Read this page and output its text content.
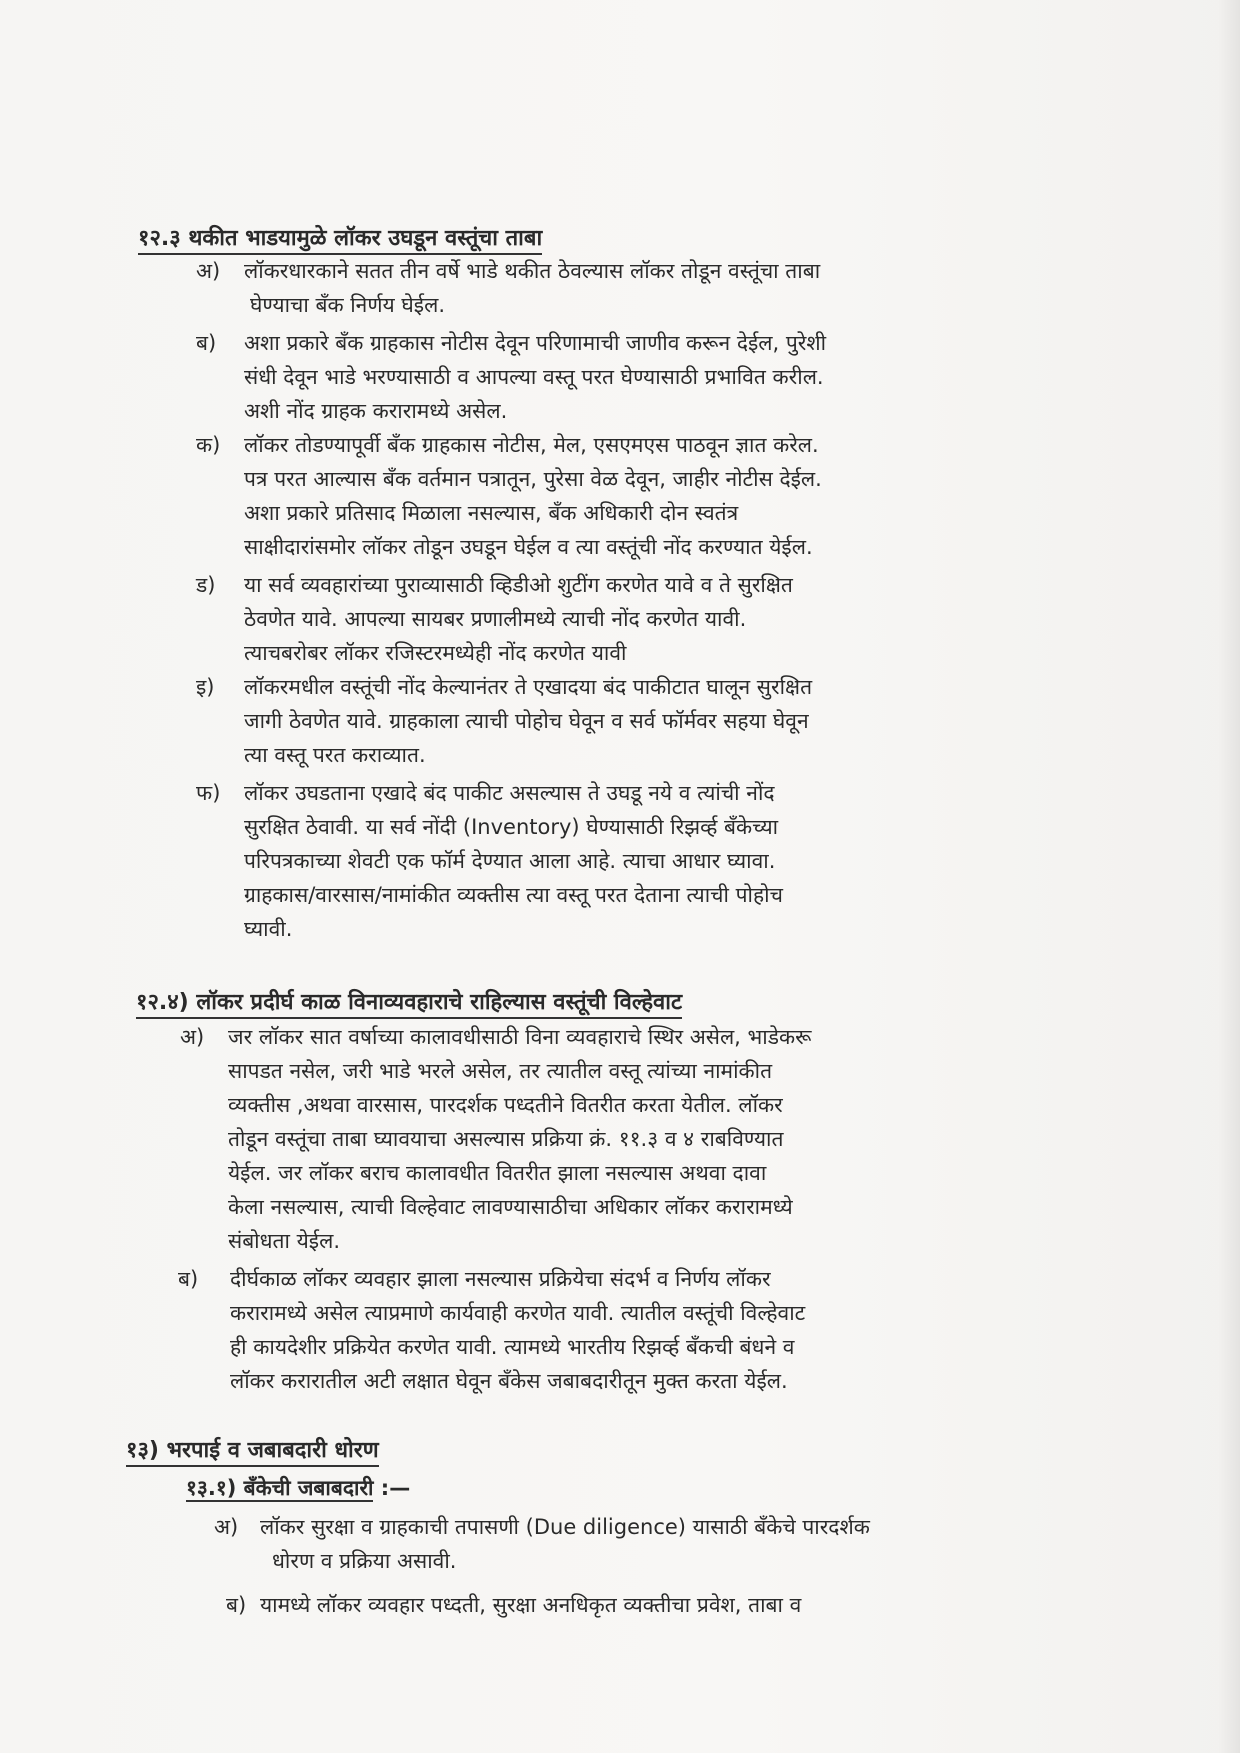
१२.३ थकीत भाडयामुळे लॉकर उघडून वस्तूंचा ताबा
अ) लॉकरधारकाने सतत तीन वर्षे भाडे थकीत ठेवल्यास लॉकर तोडून वस्तूंचा ताबा
घेण्याचा बँक निर्णय घेईल.
ब) अशा प्रकारे बँक ग्राहकास नोटीस देवून परिणामाची जाणीव करून देईल, पुरेशी
संधी देवून भाडे भरण्यासाठी व आपल्या वस्तू परत घेण्यासाठी प्रभावित करील.
अशी नोंद ग्राहक करारामध्ये असेल.
क) लॉकर तोडण्यापूर्वी बँक ग्राहकास नोटीस, मेल, एसएमएस पाठवून ज्ञात करेल.
पत्र परत आल्यास बँक वर्तमान पत्रातून, पुरेसा वेळ देवून, जाहीर नोटीस देईल.
अशा प्रकारे प्रतिसाद मिळाला नसल्यास, बँक अधिकारी दोन स्वतंत्र
साक्षीदारांसमोर लॉकर तोडून उघडून घेईल व त्या वस्तूंची नोंद करण्यात येईल.
ड) या सर्व व्यवहारांच्या पुराव्यासाठी व्हिडीओ शुटींग करणेत यावे व ते सुरक्षित
ठेवणेत यावे. आपल्या सायबर प्रणालीमध्ये त्याची नोंद करणेत यावी.
त्याचबरोबर लॉकर रजिस्टरमध्येही नोंद करणेत यावी
इ) लॉकरमधील वस्तूंची नोंद केल्यानंतर ते एखादया बंद पाकीटात घालून सुरक्षित
जागी ठेवणेत यावे. ग्राहकाला त्याची पोहोच घेवून व सर्व फॉर्मवर सहया घेवून
त्या वस्तू परत कराव्यात.
फ) लॉकर उघडताना एखादे बंद पाकीट असल्यास ते उघडू नये व त्यांची नोंद
सुरक्षित ठेवावी. या सर्व नोंदी (Inventory) घेण्यासाठी रिझर्व्ह बँकेच्या
परिपत्रकाच्या शेवटी एक फॉर्म देण्यात आला आहे. त्याचा आधार घ्यावा.
ग्राहकास/वारसास/नामांकीत व्यक्तीस त्या वस्तू परत देताना त्याची पोहोच
घ्यावी.
१२.४) लॉकर प्रदीर्घ काळ विनाव्यवहाराचे राहिल्यास वस्तूंची विल्हेवाट
अ) जर लॉकर सात वर्षाच्या कालावधीसाठी विना व्यवहाराचे स्थिर असेल, भाडेकरू
सापडत नसेल, जरी भाडे भरले असेल, तर त्यातील वस्तू त्यांच्या नामांकीत
व्यक्तीस ,अथवा वारसास, पारदर्शक पध्दतीने वितरीत करता येतील. लॉकर
तोडून वस्तूंचा ताबा घ्यावयाचा असल्यास प्रक्रिया क्रं. ११.३ व ४ राबविण्यात
येईल. जर लॉकर बराच कालावधीत वितरीत झाला नसल्यास अथवा दावा
केला नसल्यास, त्याची विल्हेवाट लावण्यासाठीचा अधिकार लॉकर करारामध्ये
संबोधता येईल.
ब) दीर्घकाळ लॉकर व्यवहार झाला नसल्यास प्रक्रियेचा संदर्भ व निर्णय लॉकर
करारामध्ये असेल त्याप्रमाणे कार्यवाही करणेत यावी. त्यातील वस्तूंची विल्हेवाट
ही कायदेशीर प्रक्रियेत करणेत यावी. त्यामध्ये भारतीय रिझर्व्ह बँकची बंधने व
लॉकर करारातील अटी लक्षात घेवून बँकेस जबाबदारीतून मुक्त करता येईल.
१३) भरपाई व जबाबदारी धोरण
१३.१) बँकेची जबाबदारी :—
अ) लॉकर सुरक्षा व ग्राहकाची तपासणी (Due diligence) यासाठी बँकेचे पारदर्शक
धोरण व प्रक्रिया असावी.
ब) यामध्ये लॉकर व्यवहार पध्दती, सुरक्षा अनधिकृत व्यक्तीचा प्रवेश, ताबा व
